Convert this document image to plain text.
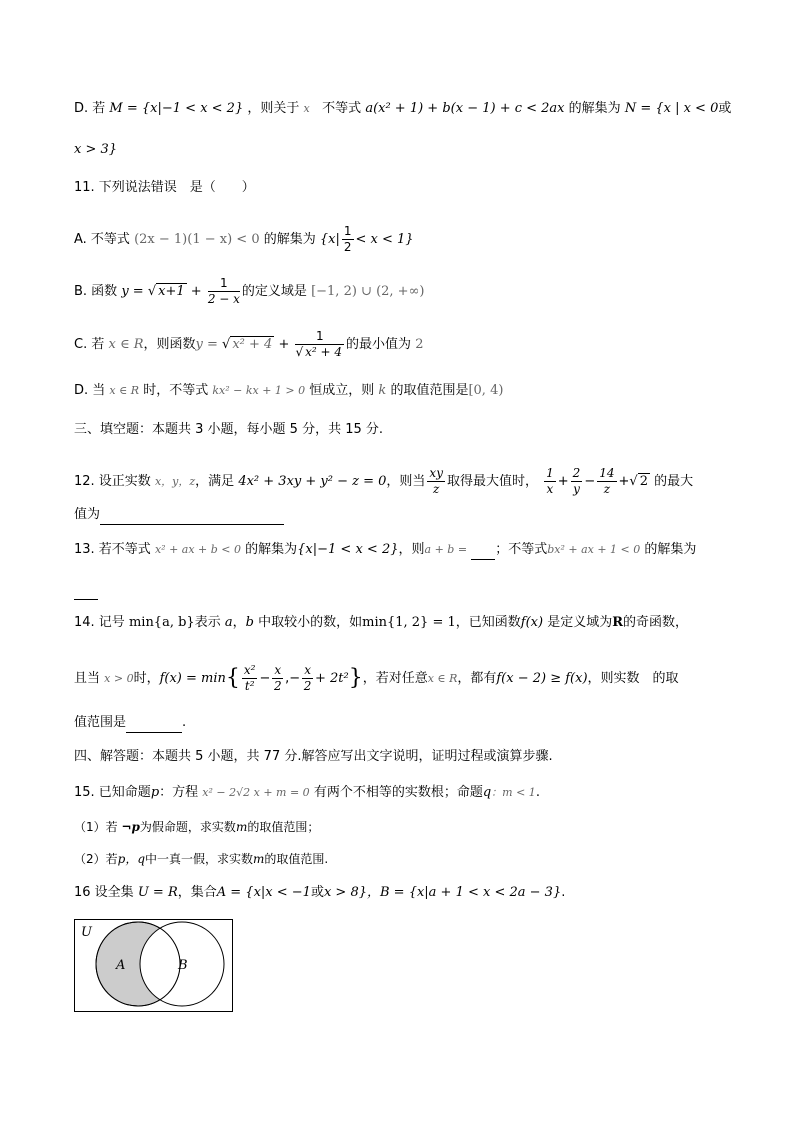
D. 若 M = {x|−1 < x < 2} ，则关于 x 不等式 a(x² + 1) + b(x − 1) + c < 2ax 的解集为 N = {x | x < 0或
x > 3}
11. 下列说法错误　是（　　）
A. 不等式 (2x − 1)(1 − x) < 0 的解集为 $\{x| \frac{1}{2} < x < 1\}$
B. 函数 y = √ $x+1 + \frac{1}{2 - x}$ 的定义域是 [−1, 2) ∪ (2, +∞)
C. 若 x ∈ R，则函数y = √ $x^2 + 4 + \frac{1}{\text{√ x² + 4}}$ 的最小值为 2
D. 当 x ∈ R 时，不等式 kx² − kx + 1 > 0 恒成立，则 k 的取值范围是[0, 4)
三、填空题：本题共 3 小题，每小题 5 分，共 15 分.
12. 设正实数 x，y，z，满足 4x² + 3xy + y² − z = 0，则当 $\frac{xy}{z}$ 取得最大值时， $\frac{1}{x} + \frac{2}{y} - \frac{14}{z}$ +√ 2 的最大
值为
13. 若不等式 x² + ax + b < 0 的解集为{x|−1 < x < 2}，则a + b = ；不等式bx² + ax + 1 < 0 的解集为
14. 记号 min{a, b}表示 a，b 中取较小的数，如min{1, 2} = 1，已知函数f(x) 是定义域为R的奇函数，
且当 x > 0时，$f(x) = \min\{ \frac{\text{x²}}{\text{t²}} - \frac{x}{2}$ ,− $\frac{x}{2} + 2t^2$}，若对任意x ∈ R，都有f(x − 2) ≥ f(x)，则实数　的取
值范围是	.
四、解答题：本题共 5 小题，共 77 分.解答应写出文字说明，证明过程或演算步骤.
15. 已知命题p：方程 x² − 2√2 x + m = 0 有两个不相等的实数根；命题q：m < 1.
（1）若 ¬p为假命题，求实数m的取值范围；
（2）若p，q中一真一假，求实数m的取值范围.
16 设全集 U = R，集合A = {x|x < −1或x > 8}，B = {x|a + 1 < x < 2a − 3}.
U
A	B
